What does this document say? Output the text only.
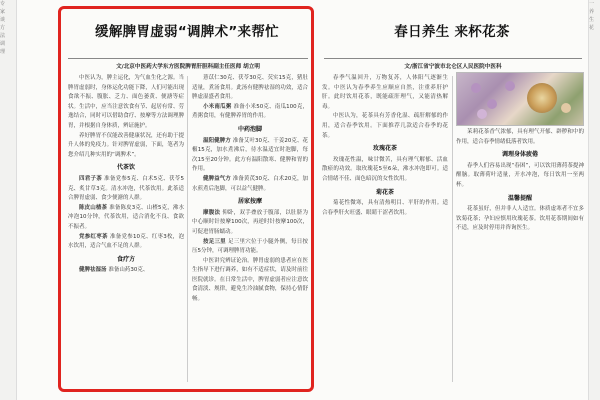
专
家
谈
方
法
调
理
一
养
生
花
缓解脾胃虚弱“调脾术”来帮忙
文/北京中医药大学东方医院脾胃肝胆科副主任医师 胡立明

中医认为，脾主运化，为气血生化之源。当脾胃虚弱时，身体运化功能下降，人们可能出现食欲不振、腹胀、乏力、面色萎黄、便溏等症状。生活中，应当注意饮食有节、起居有常、劳逸结合，同时可以借助食疗、按摩等方法调理脾胃，并根据自身体质，辨证施护。

养好脾胃不仅能改善健康状况，还有助于提升人体的免疫力。针对脾胃虚弱，下面，笔者为您介绍几种实用的“调脾术”。

代茶饮

四君子茶 准备党参5克、白术5克、茯苓5克、炙甘草3克。清水冲泡，代茶饮用。此茶适合脾胃虚弱、食少便溏的人群。

陈皮山楂茶 准备陈皮3克、山楂5克，沸水冲泡10分钟，代茶饮用，适合消化不良、食欲不振者。

党参红枣茶 准备党参10克、红枣3枚，泡水饮用，适合气血不足的人群。

食疗方

健脾祛湿汤 准备山药30克、

薏苡仁30克、茯苓30克、芡实15克，猪肚适量，煮汤食用。此汤有健脾祛湿的功效，适合脾虚湿盛者食用。

小米南瓜粥 准备小米50克、南瓜100克，煮粥食用，有健脾养胃的作用。

中药泡脚

温阳健脾方 准备艾叶30克、干姜20克、花椒15克，加水煮沸后，待水温适宜时泡脚，每次15至20分钟。此方有温阳散寒、健脾和胃的作用。

健脾益气方 准备黄芪30克、白术20克，加水煎煮后泡脚，可以益气健脾。

居家按摩

摩腹法 仰卧，双手叠放于腹部，以肚脐为中心顺时针按摩100次，再逆时针按摩100次，可促进胃肠蠕动。

按足三里 足三里穴位于小腿外侧，每日按压5分钟，可调理脾胃功能。

中医讲究辨证论治。脾胃虚弱的患者应在医生指导下进行调养，如有不适症状，请及时前往医院就诊。在日常生活中，脾胃虚弱者应注意饮食清淡、规律，避免生冷油腻食物，保持心情舒畅。

春日养生 来杯花茶
文/浙江省宁波市北仑区人民医院中医科

春季气温回升，万物复苏，人体阳气逐渐生发。中医认为春季养生应顺应自然，注重养肝护肝。此时饮用花茶，既能疏肝理气，又能清热解毒。

中医认为，花茶具有芳香化湿、疏肝解郁的作用，适合春季饮用。下面推荐几款适合春季的花茶。

玫瑰花茶

玫瑰花性温，味甘微苦，具有理气解郁、活血散瘀的功效。取玫瑰花5至6朵，沸水冲泡即可。适合情绪不佳、面色暗沉的女性饮用。

菊花茶

菊花性微寒，具有清热明目、平肝的作用。适合春季肝火旺盛、眼睛干涩者饮用。

茉莉花茶香气浓郁，具有理气开郁、辟秽和中的作用，适合春季情绪低落者饮用。

调理身体疲倦

春季人们容易出现“春困”，可以饮用薄荷茶提神醒脑。取薄荷叶适量，开水冲泡，每日饮用一至两杯。

温馨提醒

花茶虽好，但并非人人适宜。体质虚寒者不宜多饮菊花茶；孕妇应慎用玫瑰花茶。饮用花茶期间如有不适，应及时停用并咨询医生。
